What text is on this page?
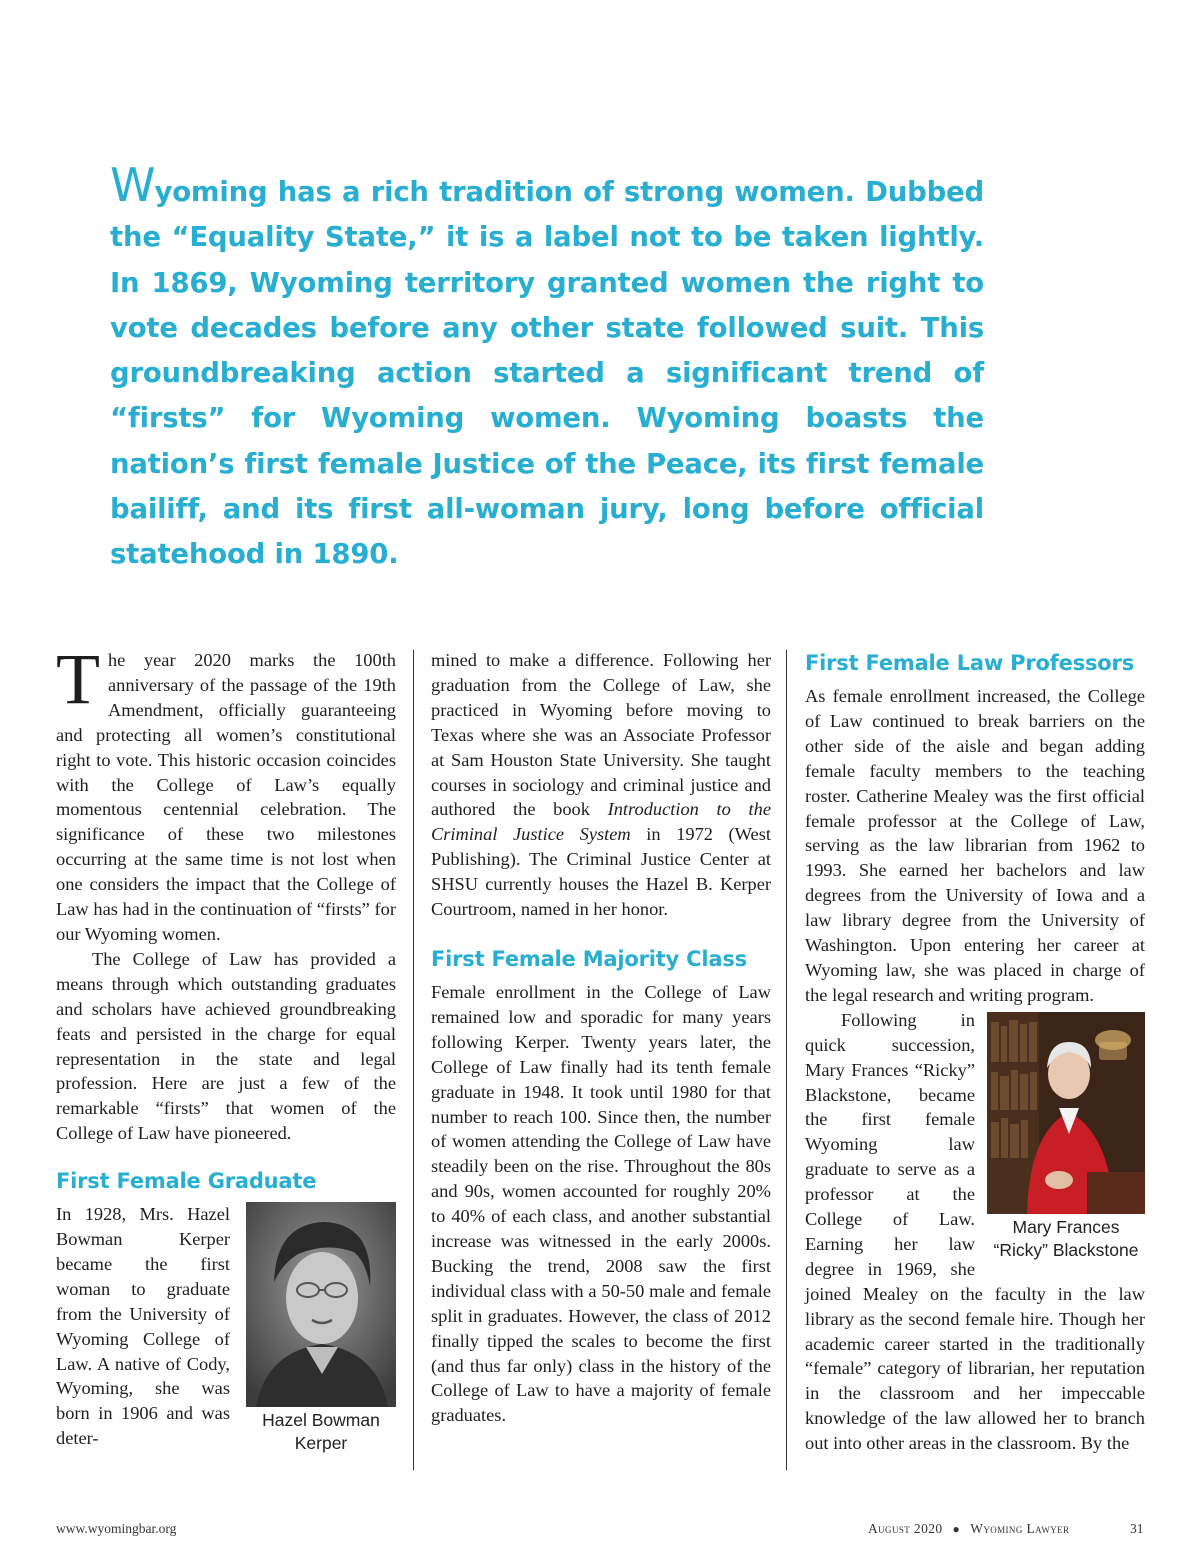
Wyoming has a rich tradition of strong women. Dubbed the “Equality State,” it is a label not to be taken lightly. In 1869, Wyoming territory granted women the right to vote decades before any other state followed suit. This groundbreaking action started a significant trend of “firsts” for Wyoming women. Wyoming boasts the nation’s first female Justice of the Peace, its first female bailiff, and its first all-woman jury, long before official statehood in 1890.

The year 2020 marks the 100th anniversary of the passage of the 19th Amendment, officially guaranteeing and protecting all women’s constitutional right to vote. This historic occasion coincides with the College of Law’s equally momentous centennial celebration. The significance of these two milestones occurring at the same time is not lost when one considers the impact that the College of Law has had in the continuation of “firsts” for our Wyoming women.

The College of Law has provided a means through which outstanding graduates and scholars have achieved groundbreaking feats and persisted in the charge for equal representation in the state and legal profession. Here are just a few of the remarkable “firsts” that women of the College of Law have pioneered.

First Female Graduate
Hazel Bowman
Kerper

In 1928, Mrs. Hazel Bowman Kerper became the first woman to graduate from the University of Wyoming College of Law. A native of Cody, Wyoming, she was born in 1906 and was deter-

mined to make a difference. Following her graduation from the College of Law, she practiced in Wyoming before moving to Texas where she was an Associate Professor at Sam Houston State University. She taught courses in sociology and criminal justice and authored the book Introduction to the Criminal Justice System in 1972 (West Publishing). The Criminal Justice Center at SHSU currently houses the Hazel B. Kerper Courtroom, named in her honor.

First Female Majority Class

Female enrollment in the College of Law remained low and sporadic for many years following Kerper. Twenty years later, the College of Law finally had its tenth female graduate in 1948. It took until 1980 for that number to reach 100. Since then, the number of women attending the College of Law have steadily been on the rise. Throughout the 80s and 90s, women accounted for roughly 20% to 40% of each class, and another substantial increase was witnessed in the early 2000s. Bucking the trend, 2008 saw the first individual class with a 50-50 male and female split in graduates. However, the class of 2012 finally tipped the scales to become the first (and thus far only) class in the history of the College of Law to have a majority of female graduates.

First Female Law Professors

As female enrollment increased, the College of Law continued to break barriers on the other side of the aisle and began adding female faculty members to the teaching roster. Catherine Mealey was the first official female professor at the College of Law, serving as the law librarian from 1962 to 1993. She earned her bachelors and law degrees from the University of Iowa and a law library degree from the University of Washington. Upon entering her career at Wyoming law, she was placed in charge of the legal research and writing program.

Mary Frances
“Ricky” Blackstone

Following in quick succession, Mary Frances “Ricky” Blackstone, became the first female Wyoming law graduate to serve as a professor at the College of Law. Earning her law degree in 1969, she joined Mealey on the faculty in the law library as the second female hire. Though her academic career started in the traditionally “female” category of librarian, her reputation in the classroom and her impeccable knowledge of the law allowed her to branch out into other areas in the classroom. By the

www.wyomingbar.org	August 2020 ● Wyoming Lawyer	31
